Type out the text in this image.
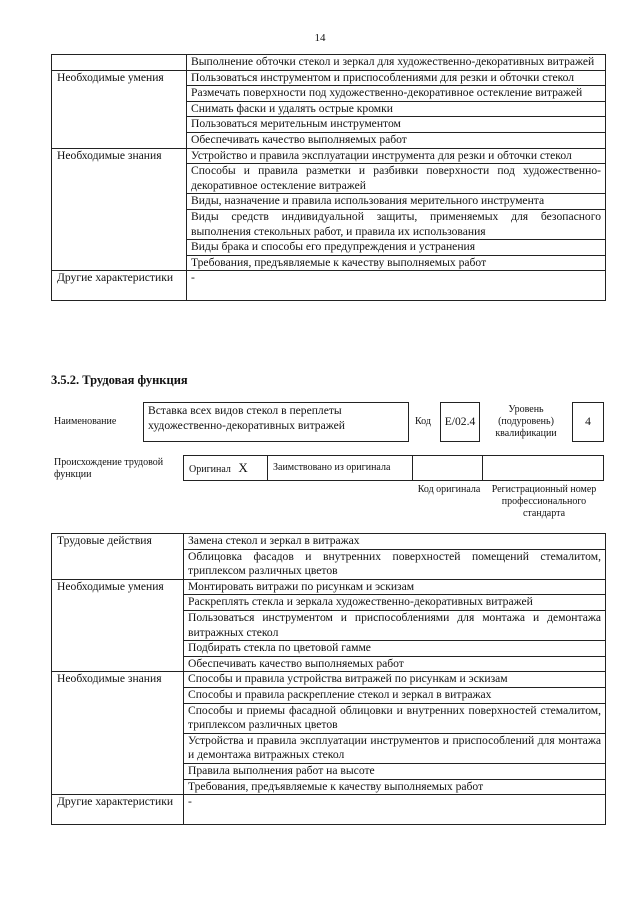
14
	Выполнение обточки стекол и зеркал для художественно-декоративных витражей
Необходимые умения	Пользоваться инструментом и приспособлениями для резки и обточки стекол
	Размечать поверхности под художественно-декоративное остекление витражей
	Снимать фаски и удалять острые кромки
	Пользоваться мерительным инструментом
	Обеспечивать качество выполняемых работ
Необходимые знания	Устройство и правила эксплуатации инструмента для резки и обточки стекол
	Способы и правила разметки и разбивки поверхности под художественно-декоративное остекление витражей
	Виды, назначение и правила использования мерительного инструмента
	Виды средств индивидуальной защиты, применяемых для безопасного выполнения стекольных работ, и правила их использования
	Виды брака и способы его предупреждения и устранения
	Требования, предъявляемые к качеству выполняемых работ
Другие характеристики	-
3.5.2. Трудовая функция
Наименование
Вставка всех видов стекол в переплеты художественно-декоративных витражей	Код	E/02.4
Уровень (подуровень) квалификации
4
Происхождение трудовой функции	Оригинал X	Заимствовано из оригинала
Код оригинала	Регистрационный номер профессионального стандарта
Трудовые действия	Замена стекол и зеркал в витражах
	Облицовка фасадов и внутренних поверхностей помещений стемалитом, триплексом различных цветов
Необходимые умения	Монтировать витражи по рисункам и эскизам
	Раскреплять стекла и зеркала художественно-декоративных витражей
	Пользоваться инструментом и приспособлениями для монтажа и демонтажа витражных стекол
	Подбирать стекла по цветовой гамме
	Обеспечивать качество выполняемых работ
Необходимые знания	Способы и правила устройства витражей по рисункам и эскизам
	Способы и правила раскрепление стекол и зеркал в витражах
	Способы и приемы фасадной облицовки и внутренних поверхностей стемалитом, триплексом различных цветов
	Устройства и правила эксплуатации инструментов и приспособлений для монтажа и демонтажа витражных стекол
	Правила выполнения работ на высоте
	Требования, предъявляемые к качеству выполняемых работ
Другие характеристики	-
